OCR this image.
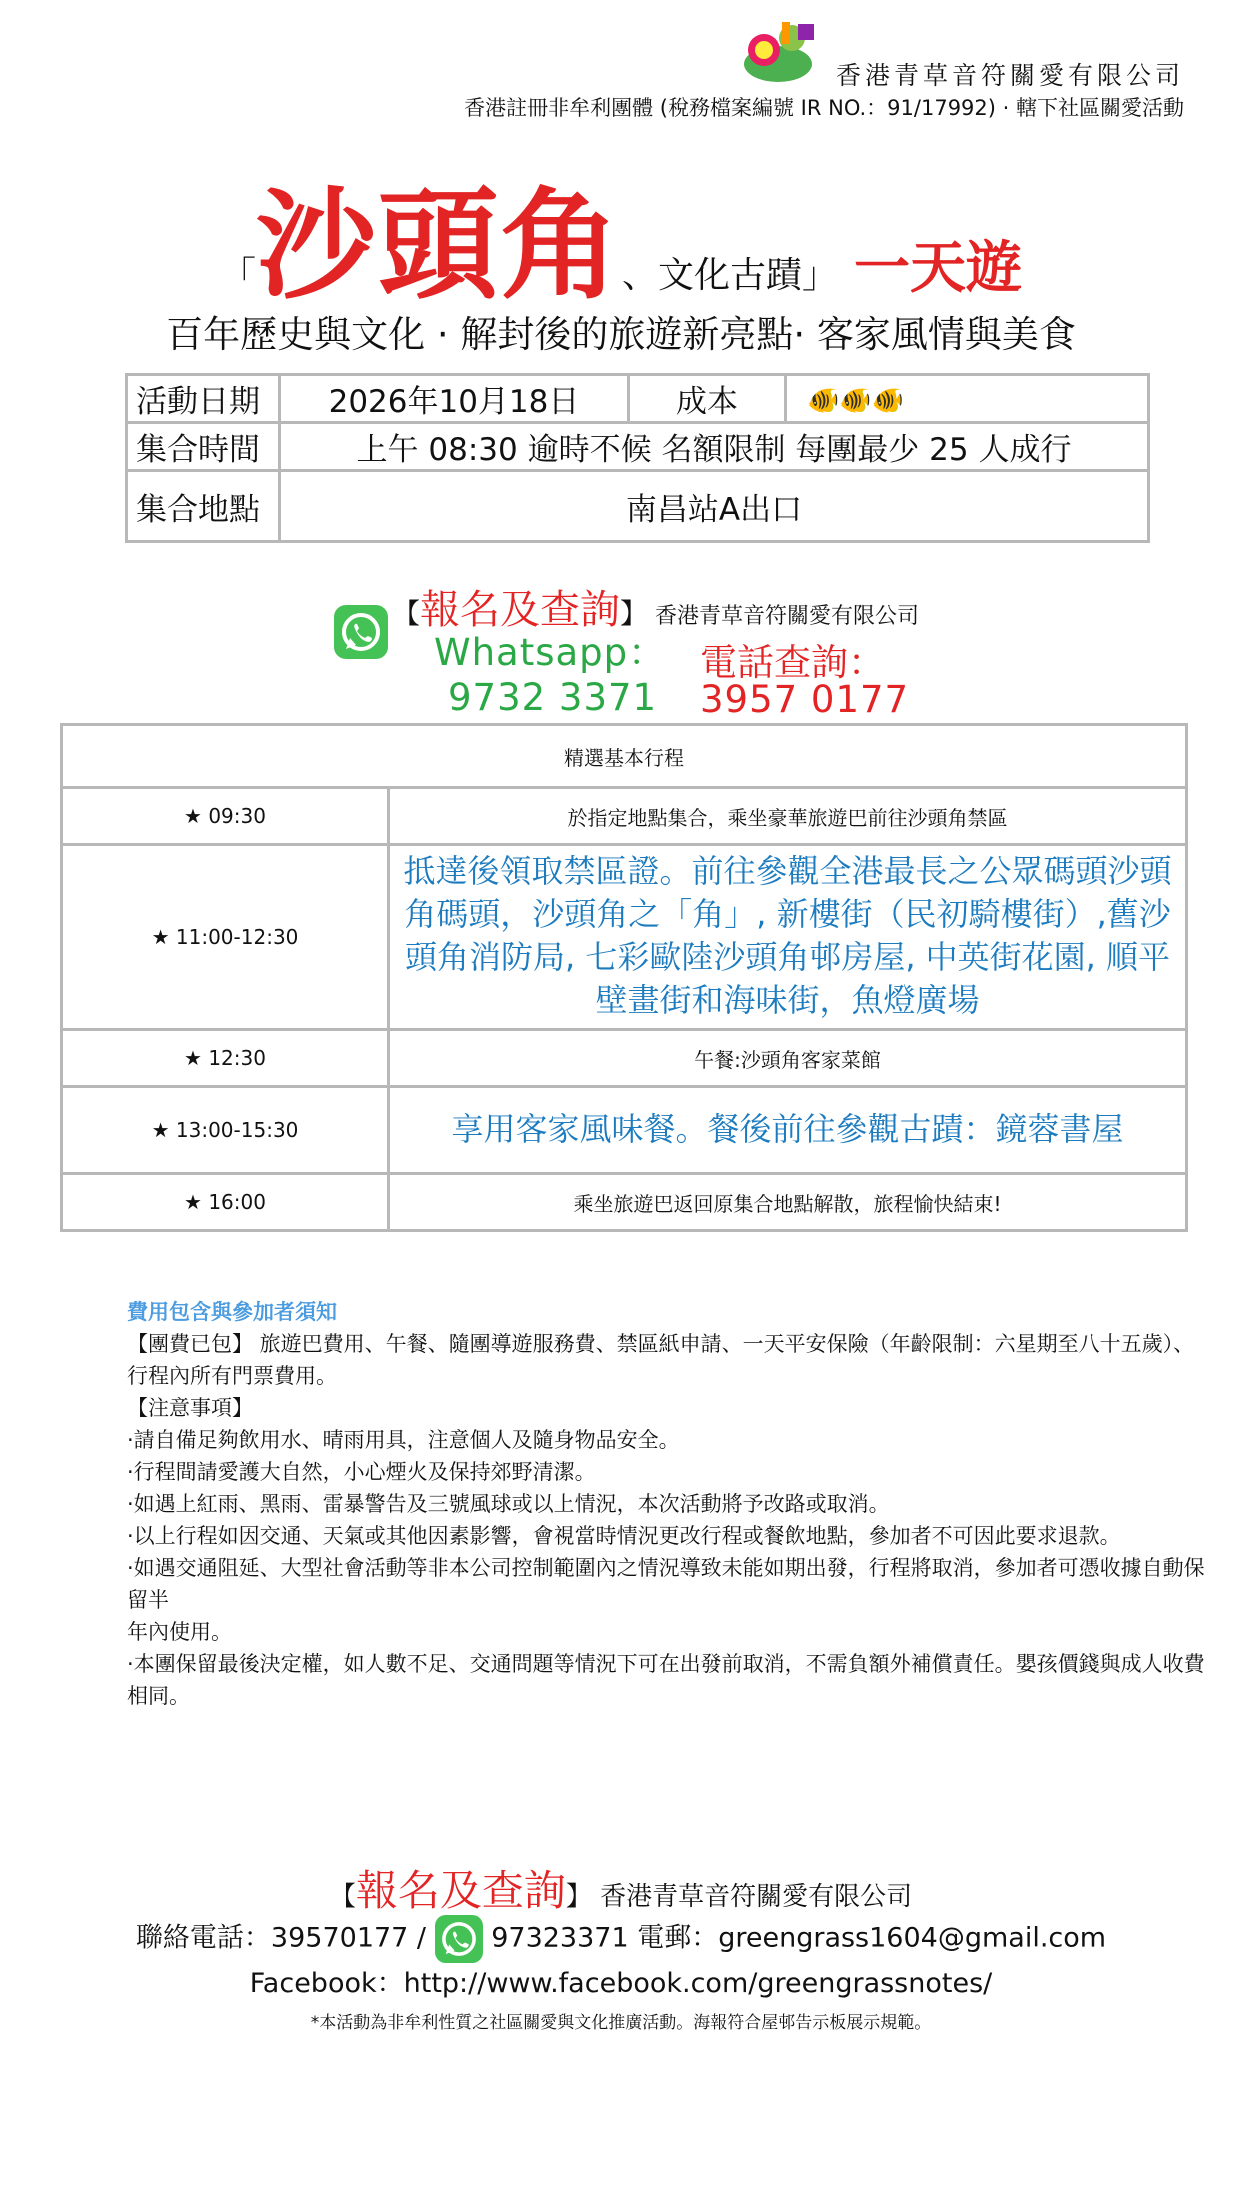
香港青草音符關愛有限公司
香港註冊非牟利團體 (稅務檔案編號 IR NO.：91/17992) · 轄下社區關愛活動
「沙頭角、文化古蹟」 一天遊
百年歷史與文化 · 解封後的旅遊新亮點· 客家風情與美食
活動日期	2026年10月18日	成本	🐠🐠🐠
集合時間	上午 08:30 逾時不候 名額限制 每團最少 25 人成行		
集合地點	南昌站A出口		
【報名及查詢】 香港青草音符關愛有限公司
Whatsapp：
9732 3371
電話查詢：
3957 0177
精選基本行程	
★ 09:30	於指定地點集合，乘坐豪華旅遊巴前往沙頭角禁區
★ 11:00-12:30	抵達後領取禁區證。前往參觀全港最長之公眾碼頭沙頭角碼頭，沙頭角之「角」, 新樓街（民初騎樓街）,舊沙頭角消防局, 七彩歐陸沙頭角邨房屋, 中英街花園, 順平壁畫街和海味街，魚燈廣場
★ 12:30	午餐:沙頭角客家菜館
★ 13:00-15:30	享用客家風味餐。餐後前往參觀古蹟：鏡蓉書屋
★ 16:00	乘坐旅遊巴返回原集合地點解散，旅程愉快結束!

費用包含與參加者須知

【團費已包】 旅遊巴費用、午餐、隨團導遊服務費、禁區紙申請、一天平安保險（年齡限制：六星期至八十五歲）、行程內所有門票費用。

【注意事項】

·請自備足夠飲用水、晴雨用具，注意個人及隨身物品安全。

·行程間請愛護大自然，小心煙火及保持郊野清潔。

·如遇上紅雨、黑雨、雷暴警告及三號風球或以上情況，本次活動將予改路或取消。

·以上行程如因交通、天氣或其他因素影響，會視當時情況更改行程或餐飲地點，參加者不可因此要求退款。

·如遇交通阻延、大型社會活動等非本公司控制範圍內之情況導致未能如期出發，行程將取消，參加者可憑收據自動保留半

年內使用。

·本團保留最後決定權，如人數不足、交通問題等情況下可在出發前取消，不需負額外補償責任。嬰孩價錢與成人收費相同。

【報名及查詢】 香港青草音符關愛有限公司
聯絡電話：39570177 / 97323371 電郵：greengrass1604@gmail.com
Facebook：http://www.facebook.com/greengrassnotes/
*本活動為非牟利性質之社區關愛與文化推廣活動。海報符合屋邨告示板展示規範。
